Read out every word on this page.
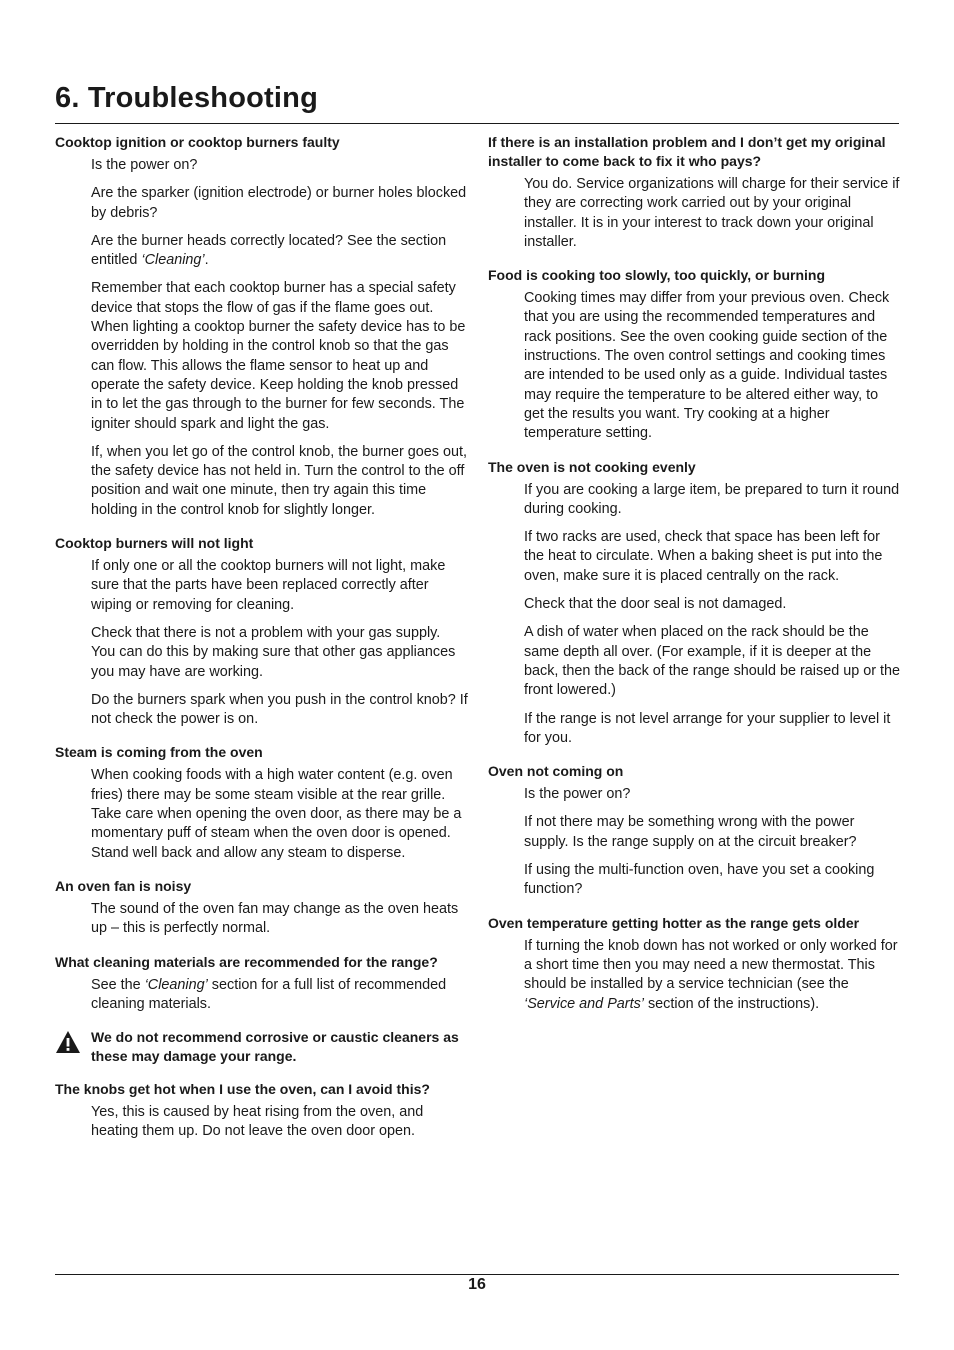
6. Troubleshooting
Cooktop ignition or cooktop burners faulty

Is the power on?

Are the sparker (ignition electrode) or burner holes blocked by debris?

Are the burner heads correctly located? See the section entitled ‘Cleaning’.

Remember that each cooktop burner has a special safety device that stops the flow of gas if the flame goes out. When lighting a cooktop burner the safety device has to be overridden by holding in the control knob so that the gas can flow. This allows the flame sensor to heat up and operate the safety device. Keep holding the knob pressed in to let the gas through to the burner for few seconds. The igniter should spark and light the gas.

If, when you let go of the control knob, the burner goes out, the safety device has not held in. Turn the control to the off position and wait one minute, then try again this time holding in the control knob for slightly longer.

Cooktop burners will not light

If only one or all the cooktop burners will not light, make sure that the parts have been replaced correctly after wiping or removing for cleaning.

Check that there is not a problem with your gas supply. You can do this by making sure that other gas appliances you may have are working.

Do the burners spark when you push in the control knob? If not check the power is on.

Steam is coming from the oven

When cooking foods with a high water content (e.g. oven fries) there may be some steam visible at the rear grille. Take care when opening the oven door, as there may be a momentary puff of steam when the oven door is opened. Stand well back and allow any steam to disperse.

An oven fan is noisy

The sound of the oven fan may change as the oven heats up – this is perfectly normal.

What cleaning materials are recommended for the range?

See the ‘Cleaning’ section for a full list of recommended cleaning materials.

We do not recommend corrosive or caustic cleaners as these may damage your range.
The knobs get hot when I use the oven, can I avoid this?

Yes, this is caused by heat rising from the oven, and heating them up. Do not leave the oven door open.

If there is an installation problem and I don’t get my original installer to come back to fix it who pays?

You do. Service organizations will charge for their service if they are correcting work carried out by your original installer. It is in your interest to track down your original installer.

Food is cooking too slowly, too quickly, or burning

Cooking times may differ from your previous oven. Check that you are using the recommended temperatures and rack positions. See the oven cooking guide section of the instructions. The oven control settings and cooking times are intended to be used only as a guide. Individual tastes may require the temperature to be altered either way, to get the results you want. Try cooking at a higher temperature setting.

The oven is not cooking evenly

If you are cooking a large item, be prepared to turn it round during cooking.

If two racks are used, check that space has been left for the heat to circulate. When a baking sheet is put into the oven, make sure it is placed centrally on the rack.

Check that the door seal is not damaged.

A dish of water when placed on the rack should be the same depth all over. (For example, if it is deeper at the back, then the back of the range should be raised up or the front lowered.)

If the range is not level arrange for your supplier to level it for you.

Oven not coming on

Is the power on?

If not there may be something wrong with the power supply. Is the range supply on at the circuit breaker?

If using the multi-function oven, have you set a cooking function?

Oven temperature getting hotter as the range gets older

If turning the knob down has not worked or only worked for a short time then you may need a new thermostat. This should be installed by a service technician (see the ‘Service and Parts’ section of the instructions).

16
